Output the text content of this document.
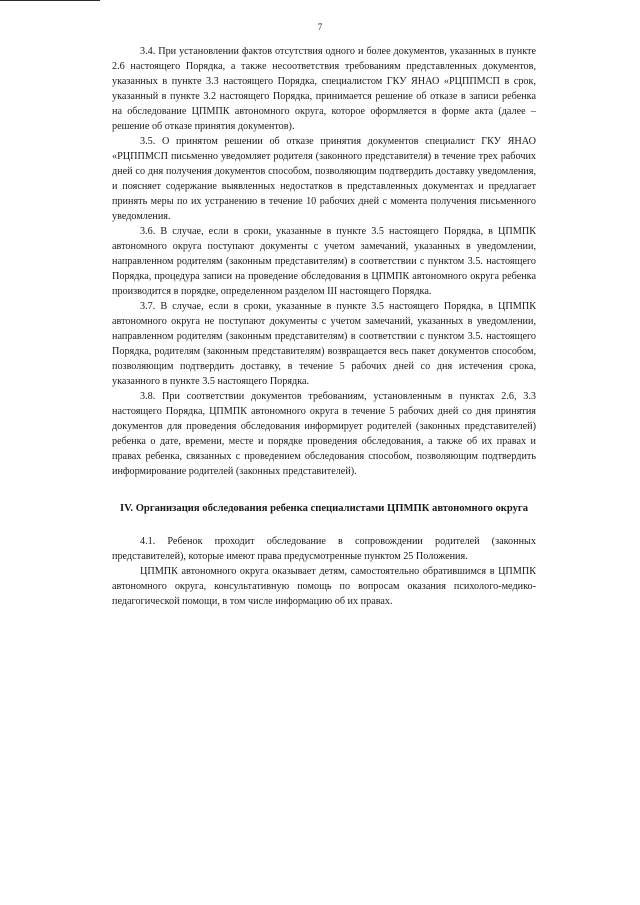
7

3.4. При установлении фактов отсутствия одного и более документов, указанных в пункте 2.6 настоящего Порядка, а также несоответствия требованиям представленных документов, указанных в пункте 3.3 настоящего Порядка, специалистом ГКУ ЯНАО «РЦППМСП в срок, указанный в пункте 3.2 настоящего Порядка, принимается решение об отказе в записи ребенка на обследование ЦПМПК автономного округа, которое оформляется в форме акта (далее – решение об отказе принятия документов).

3.5. О принятом решении об отказе принятия документов специалист ГКУ ЯНАО «РЦППМСП письменно уведомляет родителя (законного представителя) в течение трех рабочих дней со дня получения документов способом, позволяющим подтвердить доставку уведомления, и поясняет содержание выявленных недостатков в представленных документах и предлагает принять меры по их устранению в течение 10 рабочих дней с момента получения письменного уведомления.

3.6. В случае, если в сроки, указанные в пункте 3.5 настоящего Порядка, в ЦПМПК автономного округа поступают документы с учетом замечаний, указанных в уведомлении, направленном родителям (законным представителям) в соответствии с пунктом 3.5. настоящего Порядка, процедура записи на проведение обследования в ЦПМПК автономного округа ребенка производится в порядке, определенном разделом III настоящего Порядка.

3.7. В случае, если в сроки, указанные в пункте 3.5 настоящего Порядка, в ЦПМПК автономного округа не поступают документы с учетом замечаний, указанных в уведомлении, направленном родителям (законным представителям) в соответствии с пунктом 3.5. настоящего Порядка, родителям (законным представителям) возвращается весь пакет документов способом, позволяющим подтвердить доставку, в течение 5 рабочих дней со дня истечения срока, указанного в пункте 3.5 настоящего Порядка.

3.8. При соответствии документов требованиям, установленным в пунктах 2.6, 3.3 настоящего Порядка, ЦПМПК автономного округа в течение 5 рабочих дней со дня принятия документов для проведения обследования информирует родителей (законных представителей) ребенка о дате, времени, месте и порядке проведения обследования, а также об их правах и правах ребенка, связанных с проведением обследования способом, позволяющим подтвердить информирование родителей (законных представителей).

IV. Организация обследования ребенка специалистами ЦПМПК автономного округа

4.1. Ребенок проходит обследование в сопровождении родителей (законных представителей), которые имеют права предусмотренные пунктом 25 Положения.

ЦПМПК автономного округа оказывает детям, самостоятельно обратившимся в ЦПМПК автономного округа, консультативную помощь по вопросам оказания психолого-медико-педагогической помощи, в том числе информацию об их правах.
